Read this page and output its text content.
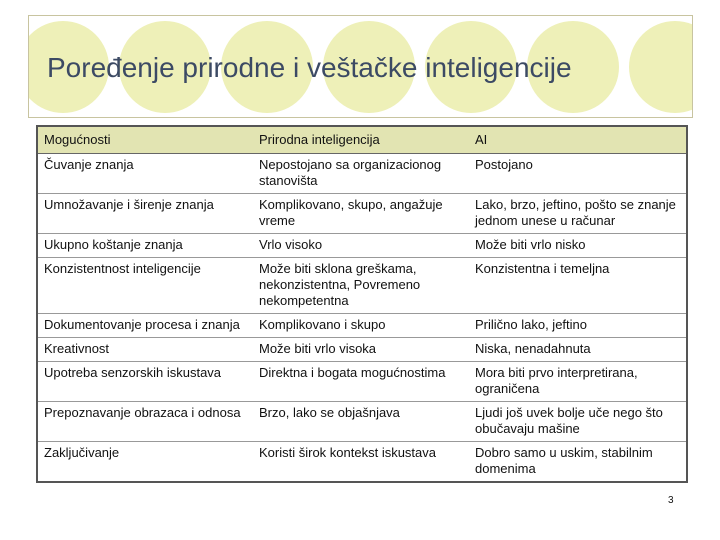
Poređenje prirodne i veštačke inteligencije
Mogućnosti	Prirodna inteligencija	AI
Čuvanje znanja	Nepostojano sa organizacionog stanovišta	Postojano
Umnožavanje i širenje znanja	Komplikovano, skupo, angažuje vreme	Lako, brzo, jeftino, pošto se znanje jednom unese u računar
Ukupno koštanje znanja	Vrlo visoko	Može biti vrlo nisko
Konzistentnost inteligencije	Može biti sklona greškama, nekonzistentna, Povremeno nekompetentna	Konzistentna i temeljna
Dokumentovanje procesa i znanja	Komplikovano i skupo	Prilično lako, jeftino
Kreativnost	Može biti vrlo visoka	Niska, nenadahnuta
Upotreba senzorskih iskustava	Direktna i bogata mogućnostima	Mora biti prvo interpretirana, ograničena
Prepoznavanje obrazaca i odnosa	Brzo, lako se objašnjava	Ljudi još uvek bolje uče nego što obučavaju mašine
Zaključivanje	Koristi širok kontekst iskustava	Dobro samo u uskim, stabilnim domenima
3
